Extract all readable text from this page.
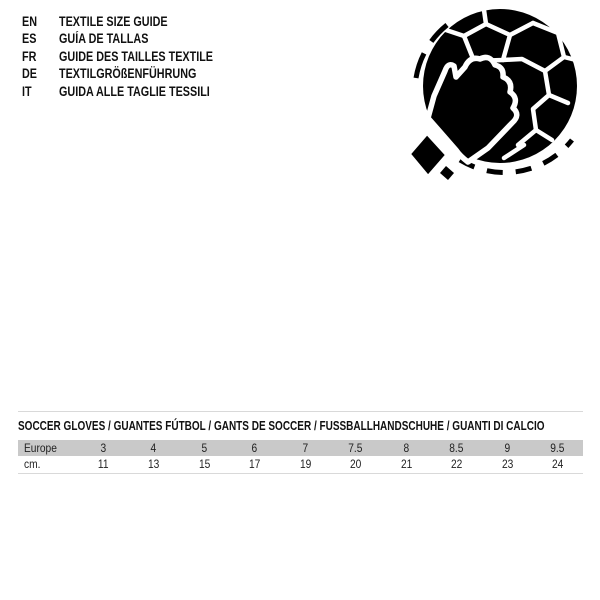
EN	TEXTILE SIZE GUIDE
ES	GUÍA DE TALLAS
FR	GUIDE DES TAILLES TEXTILE
DE	TEXTILGRÖßENFÜHRUNG
IT	GUIDA ALLE TAGLIE TESSILI
SOCCER GLOVES / GUANTES FÚTBOL / GANTS DE SOCCER / FUSSBALLHANDSCHUHE / GUANTI DI CALCIO
Europe	3	4	5	6	7	7.5	8	8.5	9	9.5
cm.	11	13	15	17	19	20	21	22	23	24
